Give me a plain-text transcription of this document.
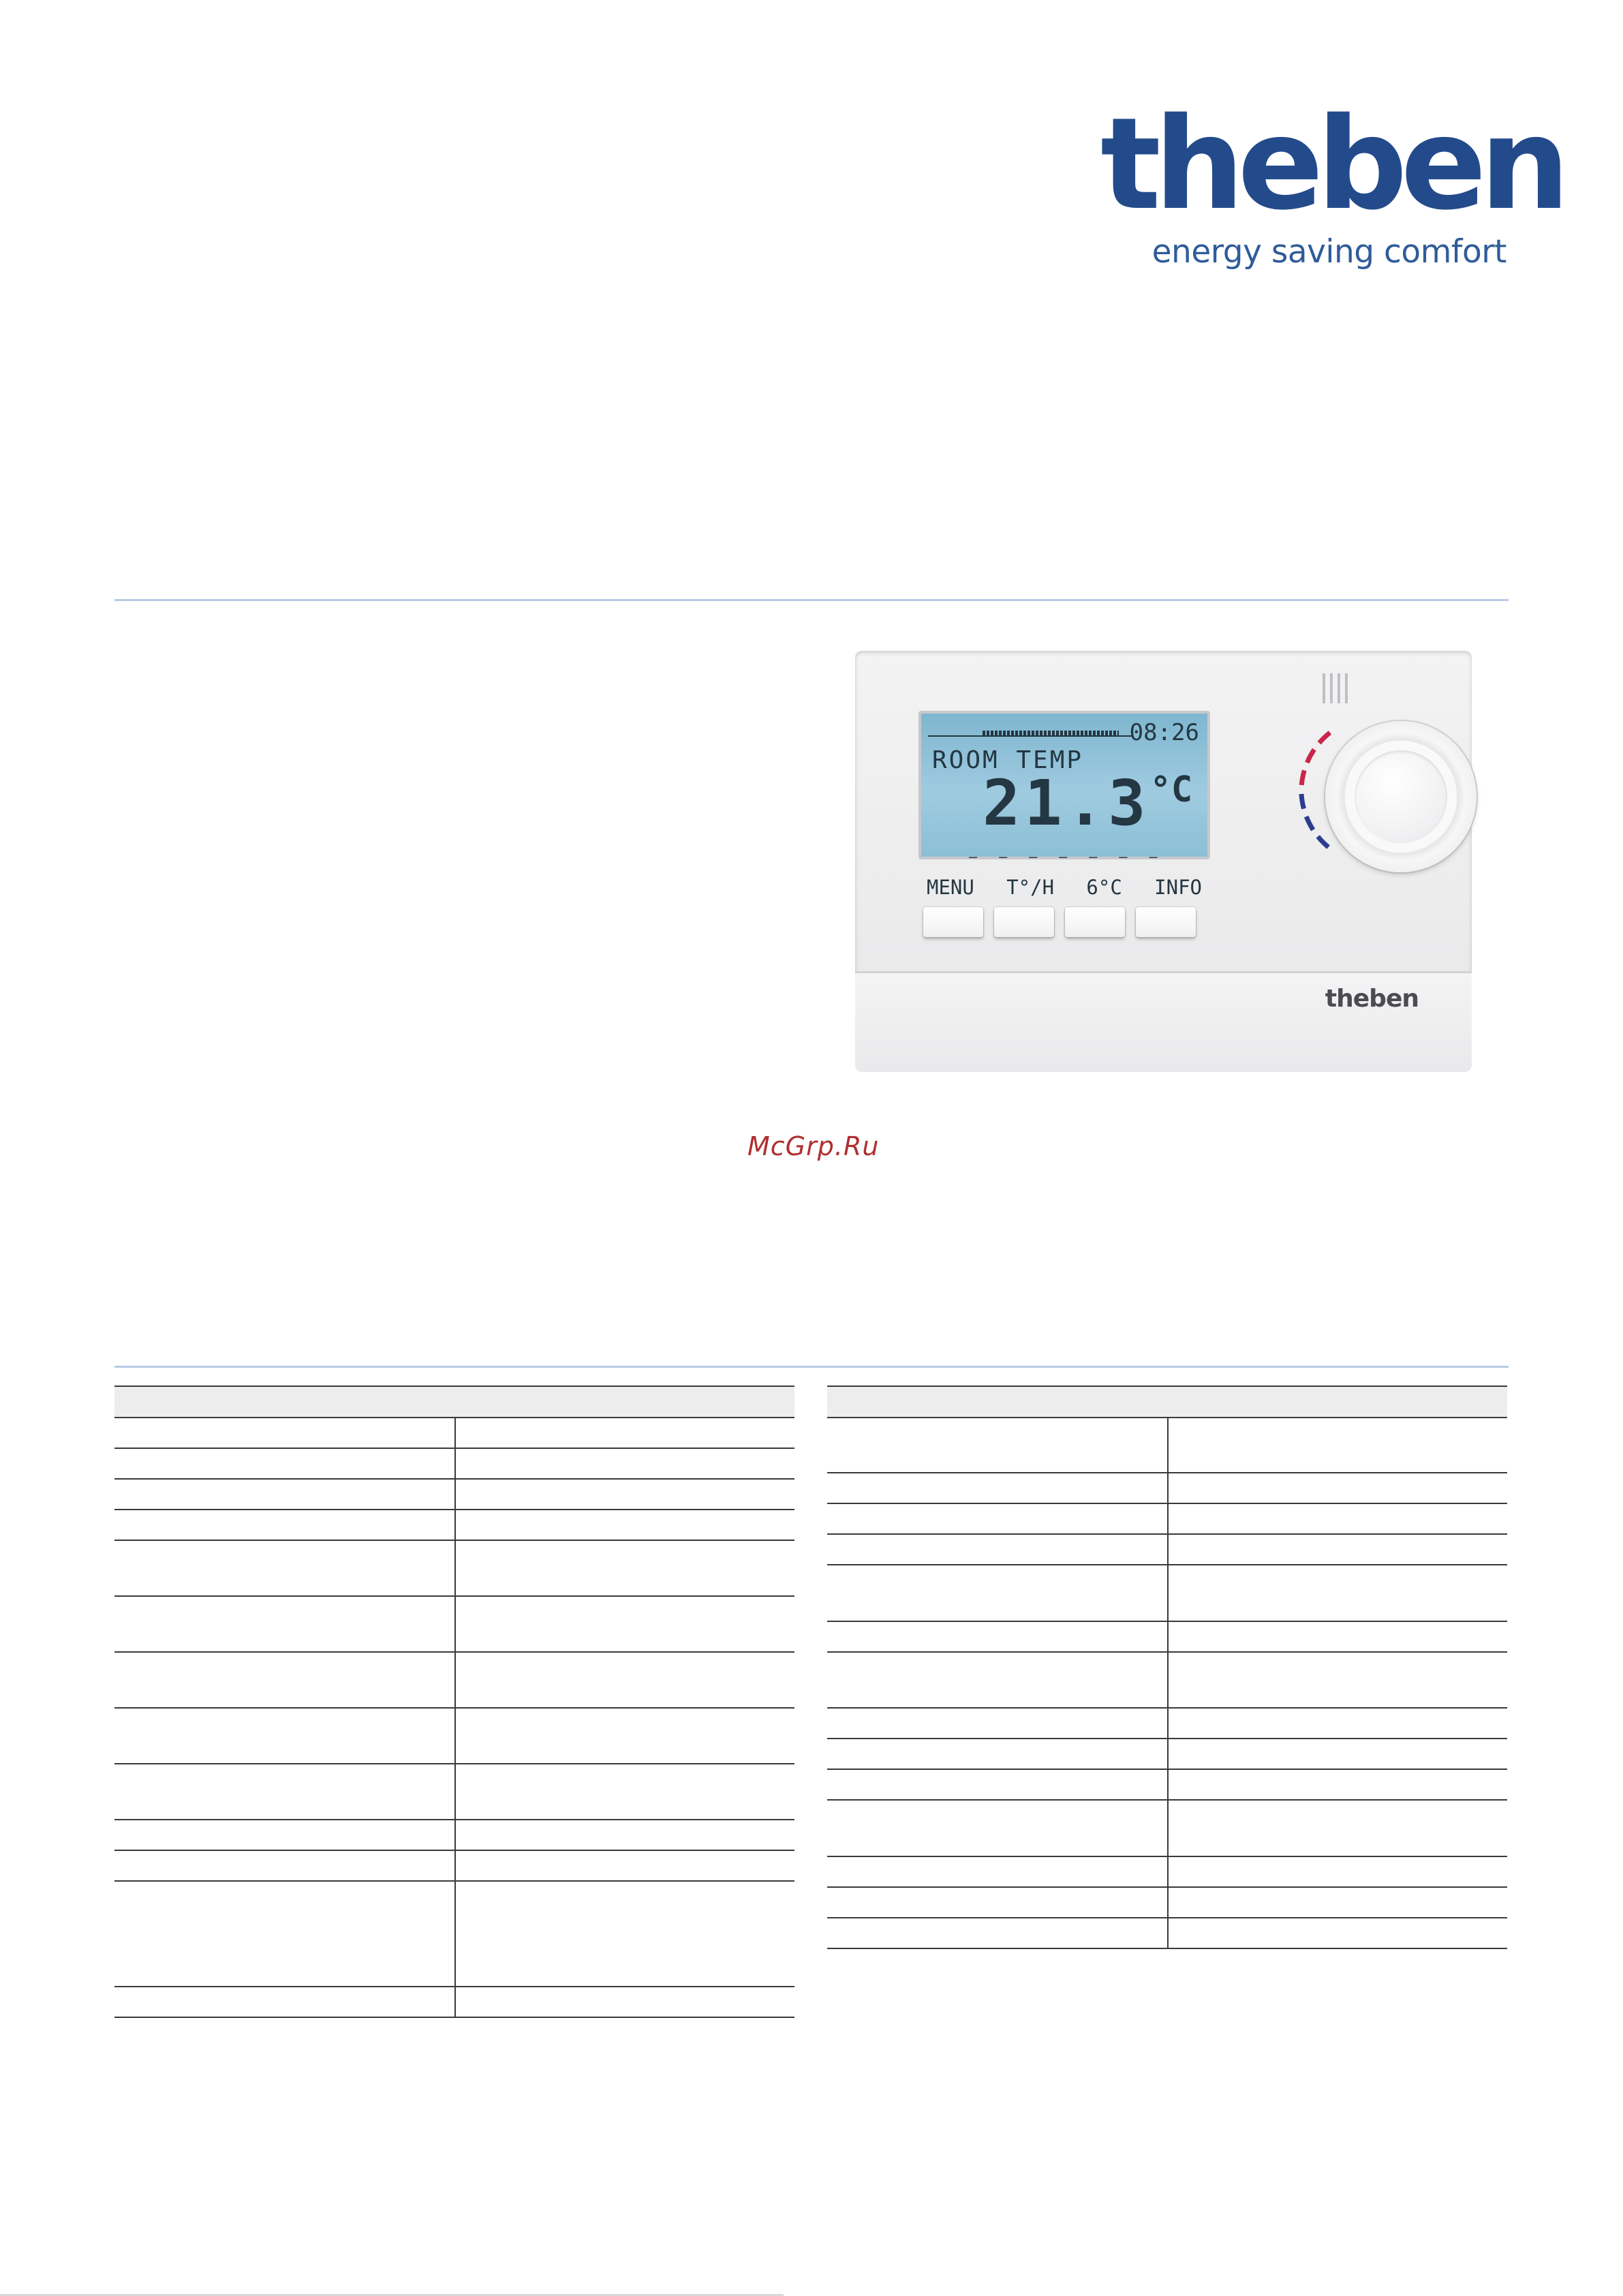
theben
energy saving comfort
08:26
ROOM TEMP
$21.3^{^\circ C}$
– – – – – – –
MENU T°/H 6°C INFO
theben
McGrp.Ru
